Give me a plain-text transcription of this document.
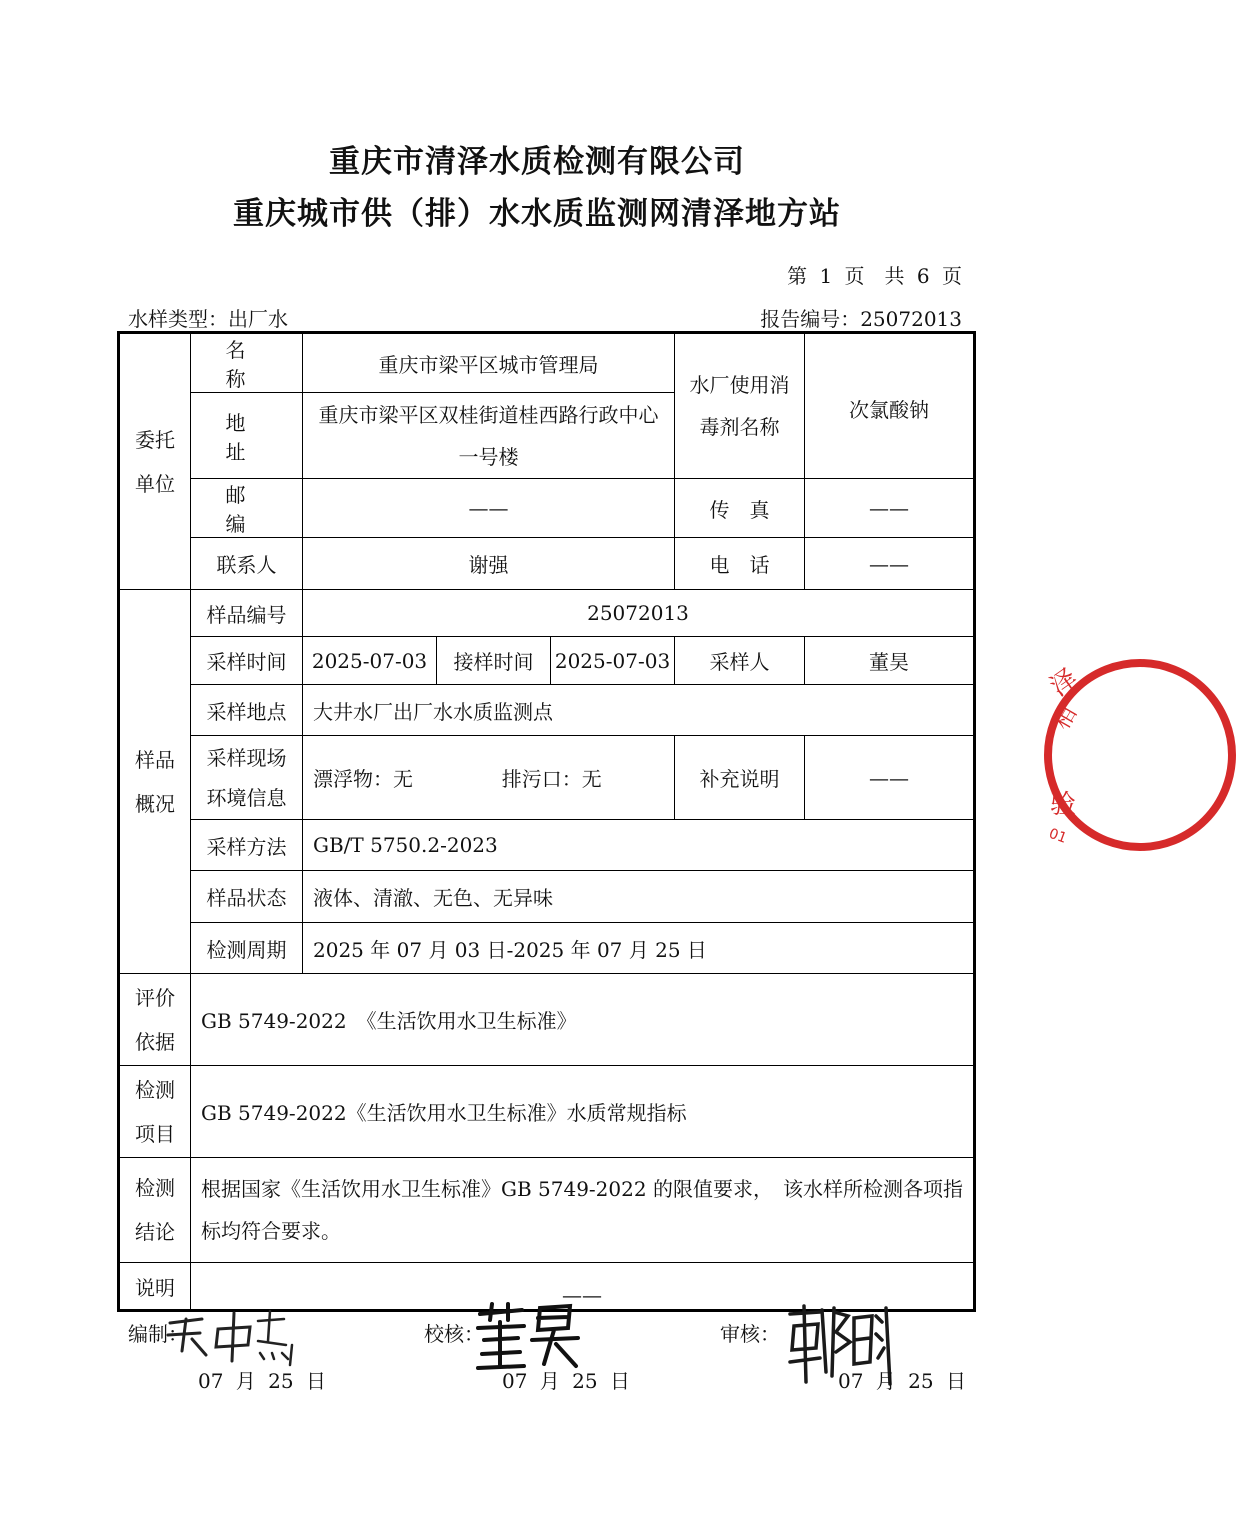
重庆市清泽水质检测有限公司
重庆城市供（排）水水质监测网清泽地方站
第 1 页　共 6 页
水样类型：出厂水	报告编号：25072013
委托单位	名 称	重庆市梁平区城市管理局			水厂使用消毒剂名称	次氯酸钠
	地 址	重庆市梁平区双桂街道桂西路行政中心一号楼				

	邮 编	——			传　真	——
	联系人	谢强			电　话	——

样品概况	样品编号	25072013				
	采样时间	2025-07-03	接样时间	2025-07-03	采样人	董昊
	采样地点	大井水厂出厂水水质监测点				

	采样现场环境信息	漂浮物：无 排污口：无			补充说明	——
	采样方法	GB/T 5750.2-2023				
	样品状态	液体、清澈、无色、无异味				
	检测周期	2025 年 07 月 03 日-2025 年 07 月 25 日				

评价依据	GB 5749-2022　《生活饮用水卫生标准》					

检测项目	GB 5749-2022《生活饮用水卫生标准》水质常规指标					

检测结论	根据国家《生活饮用水卫生标准》GB 5749-2022 的限值要求，　该水样所检测各项指标均符合要求。					

说明	——					
编制：
07 月 25 日
校核：
07 月 25 日
审核：
07 月 25 日
泽
相
验
01
